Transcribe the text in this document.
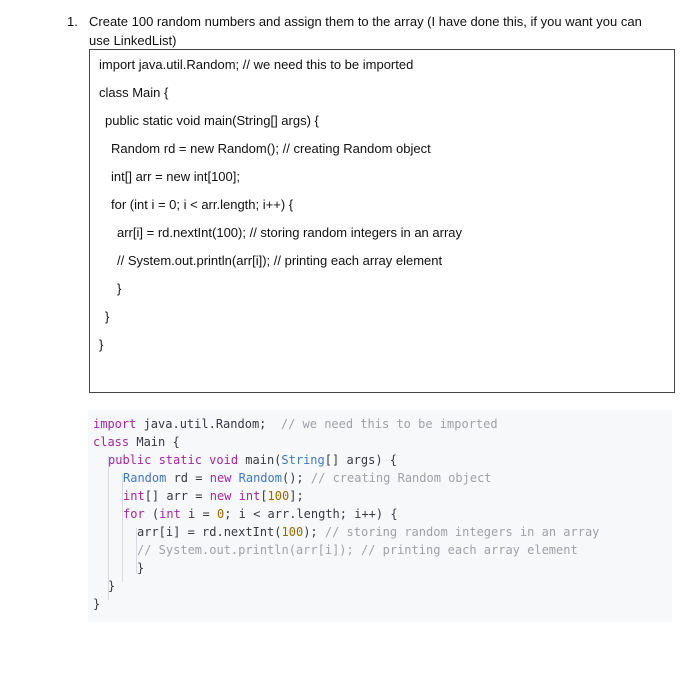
1. Create 100 random numbers and assign them to the array (I have done this, if you want you can use LinkedList)
import java.util.Random; // we need this to be imported
class Main {
public static void main(String[] args) {
Random rd = new Random(); // creating Random object
int[] arr = new int[100];
for (int i = 0; i < arr.length; i++) {
arr[i] = rd.nextInt(100); // storing random integers in an array
// System.out.println(arr[i]); // printing each array element
}
}
}
import java.util.Random;  // we need this to be imported
class Main {
public static void main(String[] args) {
Random rd = new Random(); // creating Random object
int[] arr = new int[100];
for (int i = 0; i < arr.length; i++) {
arr[i] = rd.nextInt(100); // storing random integers in an array
// System.out.println(arr[i]); // printing each array element
}
}
}
